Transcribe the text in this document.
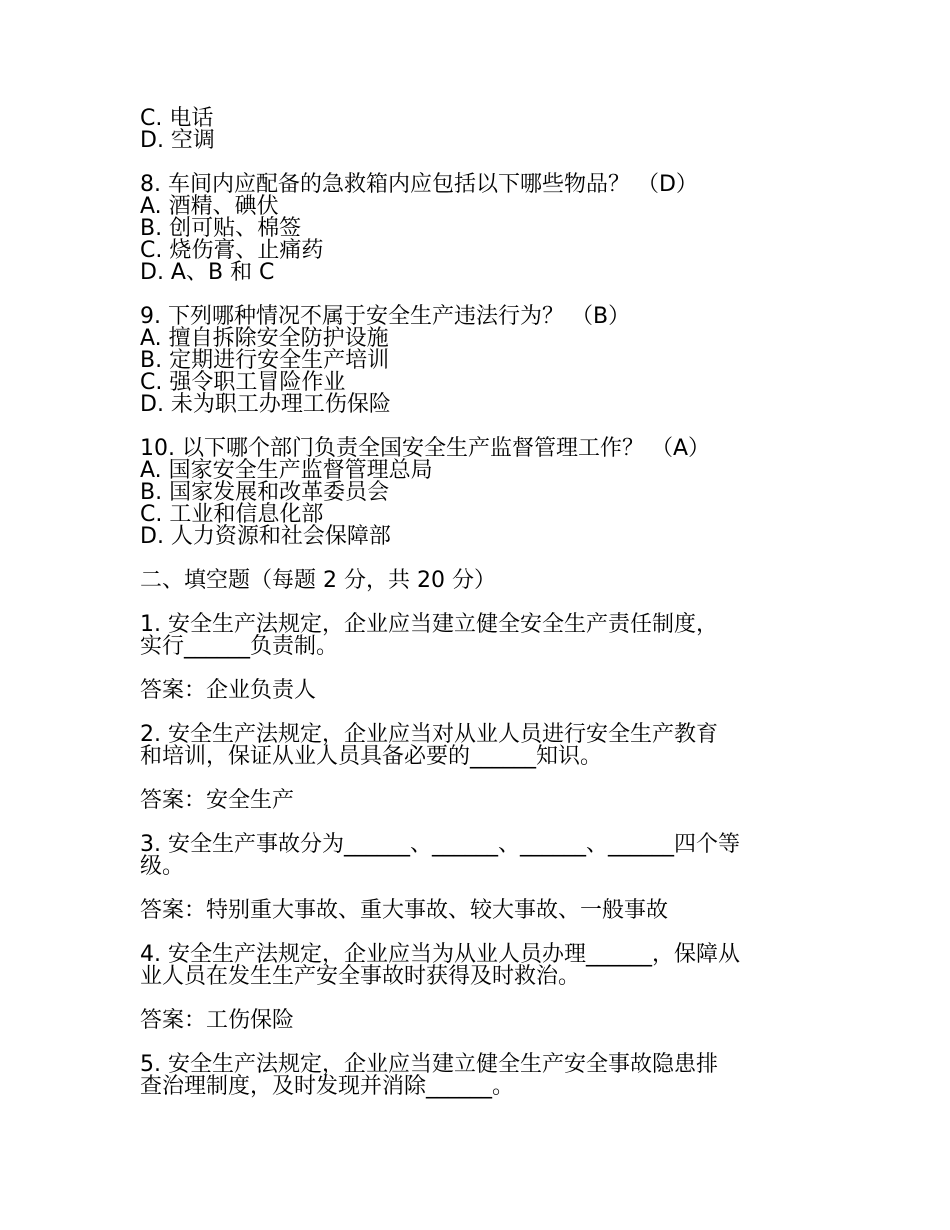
C. 电话

D. 空调

8. 车间内应配备的急救箱内应包括以下哪些物品？ （D）

A. 酒精、碘伏

B. 创可贴、棉签

C. 烧伤膏、止痛药

D. A、B 和 C

9. 下列哪种情况不属于安全生产违法行为？ （B）

A. 擅自拆除安全防护设施

B. 定期进行安全生产培训

C. 强令职工冒险作业

D. 未为职工办理工伤保险

10. 以下哪个部门负责全国安全生产监督管理工作？ （A）

A. 国家安全生产监督管理总局

B. 国家发展和改革委员会

C. 工业和信息化部

D. 人力资源和社会保障部

二、填空题（每题 2 分，共 20 分）

1. 安全生产法规定，企业应当建立健全安全生产责任制度，

实行______负责制。

答案：企业负责人

2. 安全生产法规定，企业应当对从业人员进行安全生产教育

和培训，保证从业人员具备必要的______知识。

答案：安全生产

3. 安全生产事故分为______、______、______、______四个等

级。

答案：特别重大事故、重大事故、较大事故、一般事故

4. 安全生产法规定，企业应当为从业人员办理______，保障从

业人员在发生生产安全事故时获得及时救治。

答案：工伤保险

5. 安全生产法规定，企业应当建立健全生产安全事故隐患排

查治理制度，及时发现并消除______。
